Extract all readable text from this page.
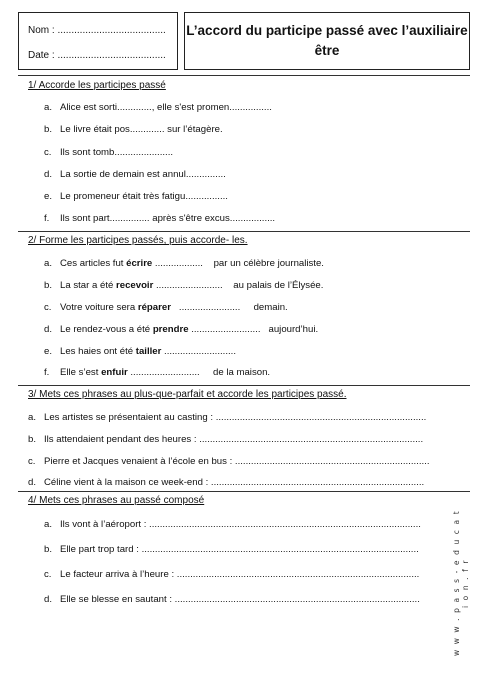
Nom : .......................................
Date : .......................................
L’accord du participe passé avec l’auxiliaire
être
1/ Accorde les participes passé
a. Alice est sorti............., elle s'est promen................
b. Le livre était pos............. sur l’étagère.
c. Ils sont tomb......................
d. La sortie de demain est annul...............
e. Le promeneur était très fatigu................
f. Ils sont part............... après s'être excus.................
2/ Forme les participes passés, puis accorde- les.
a. Ces articles fut écrire ..................    par un célèbre journaliste.
b. La star a été recevoir .........................    au palais de l’Élysée.
c. Votre voiture sera réparer   .......................     demain.
d. Le rendez-vous a été prendre ..........................   aujourd’hui.
e. Les haies ont été tailler ...........................
f. Elle s’est enfuir ..........................     de la maison.
3/ Mets ces phrases au plus-que-parfait et accorde les participes passé.
a. Les artistes se présentaient au casting : ...............................................................................
b. Ils attendaient pendant des heures : ....................................................................................
c. Pierre et Jacques venaient à l’école en bus : .........................................................................
d. Céline vient à la maison ce week-end : ................................................................................
4/ Mets ces phrases au passé composé
a. Ils vont à l’aéroport : ......................................................................................................
b. Elle part trop tard : ........................................................................................................
c. Le facteur arriva à l’heure : ...........................................................................................
d. Elle se blesse en sautant : ............................................................................................	w w w . p a s s - e d u c a t i o n . f r
